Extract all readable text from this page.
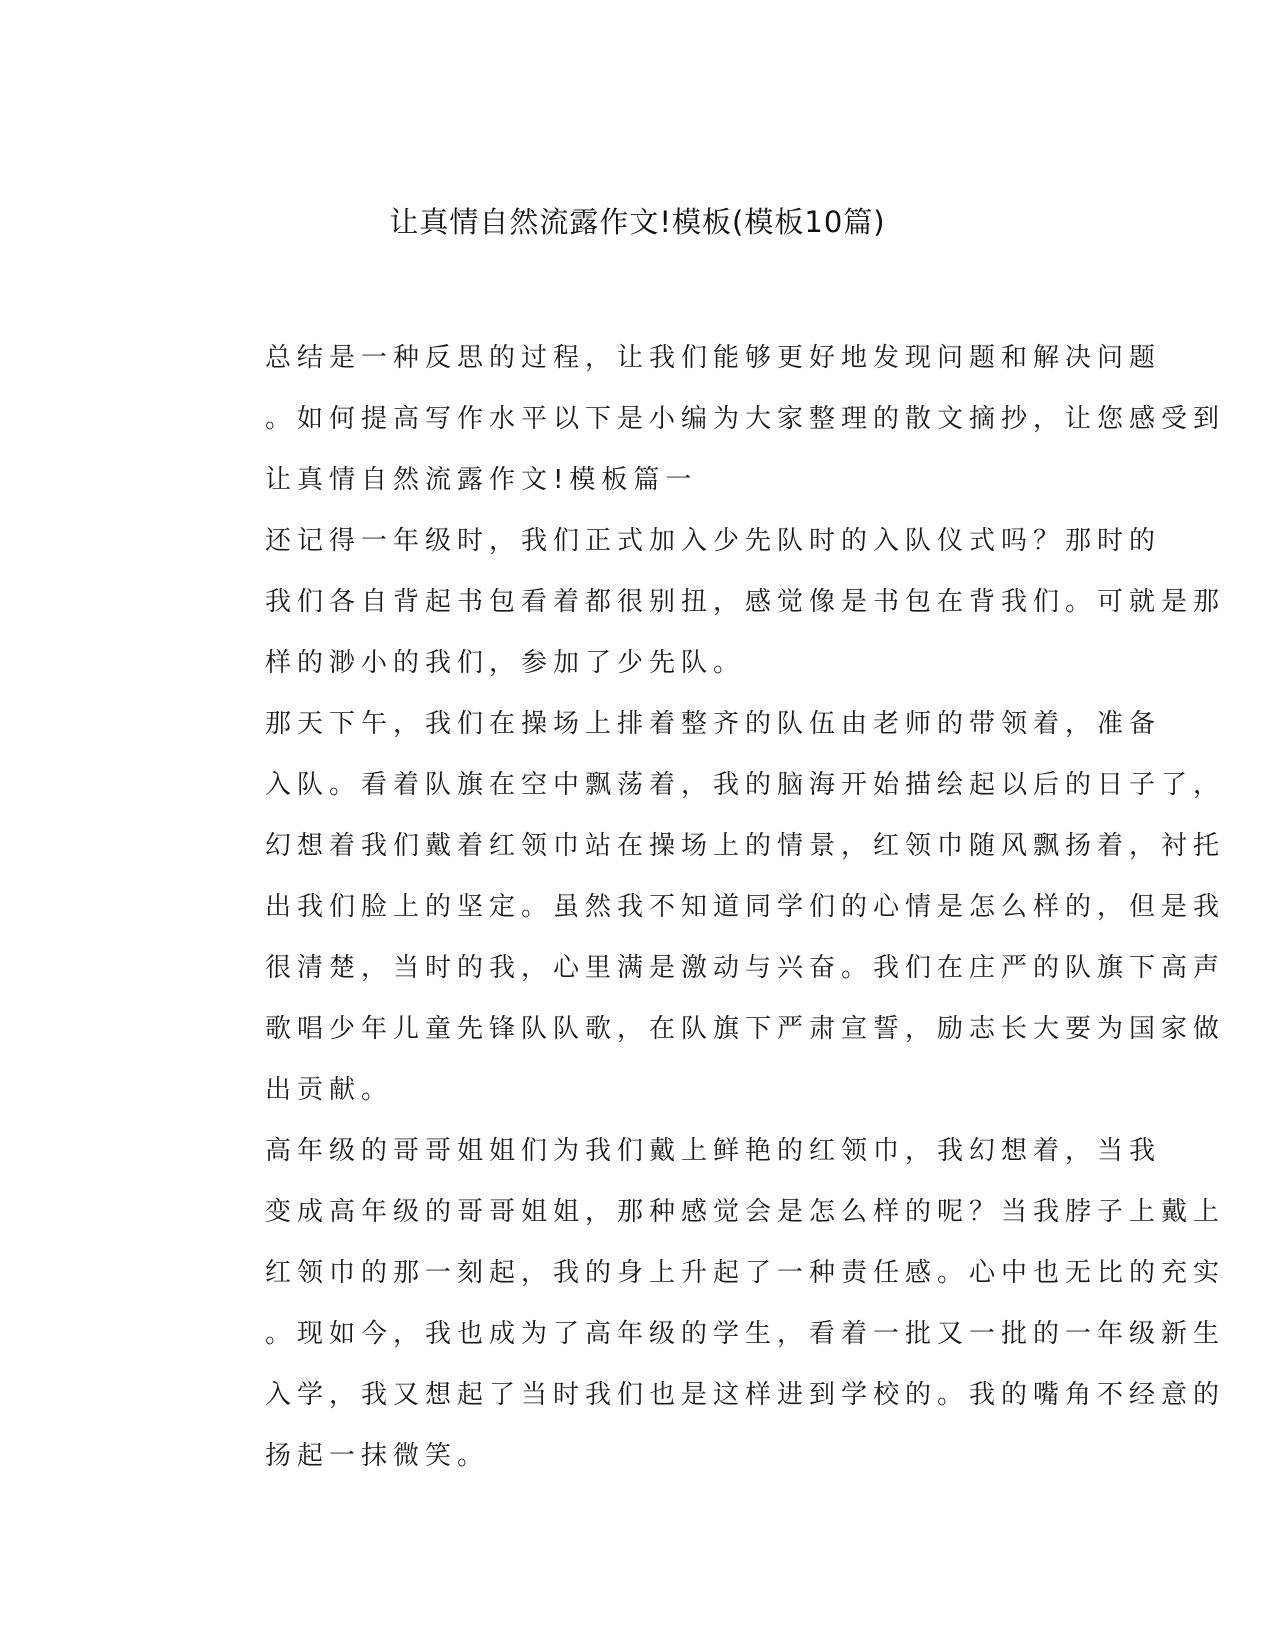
让真情自然流露作文!模板(模板10篇)

总结是一种反思的过程，让我们能够更好地发现问题和解决问题
。如何提高写作水平以下是小编为大家整理的散文摘抄，让您感受到

让真情自然流露作文!模板篇一

还记得一年级时，我们正式加入少先队时的入队仪式吗？那时的
我们各自背起书包看着都很别扭，感觉像是书包在背我们。可就是那
样的渺小的我们，参加了少先队。

那天下午，我们在操场上排着整齐的队伍由老师的带领着，准备
入队。看着队旗在空中飘荡着，我的脑海开始描绘起以后的日子了，
幻想着我们戴着红领巾站在操场上的情景，红领巾随风飘扬着，衬托
出我们脸上的坚定。虽然我不知道同学们的心情是怎么样的，但是我
很清楚，当时的我，心里满是激动与兴奋。我们在庄严的队旗下高声
歌唱少年儿童先锋队队歌，在队旗下严肃宣誓，励志长大要为国家做
出贡献。

高年级的哥哥姐姐们为我们戴上鲜艳的红领巾，我幻想着，当我
变成高年级的哥哥姐姐，那种感觉会是怎么样的呢？当我脖子上戴上
红领巾的那一刻起，我的身上升起了一种责任感。心中也无比的充实
。现如今，我也成为了高年级的学生，看着一批又一批的一年级新生
入学，我又想起了当时我们也是这样进到学校的。我的嘴角不经意的
扬起一抹微笑。
